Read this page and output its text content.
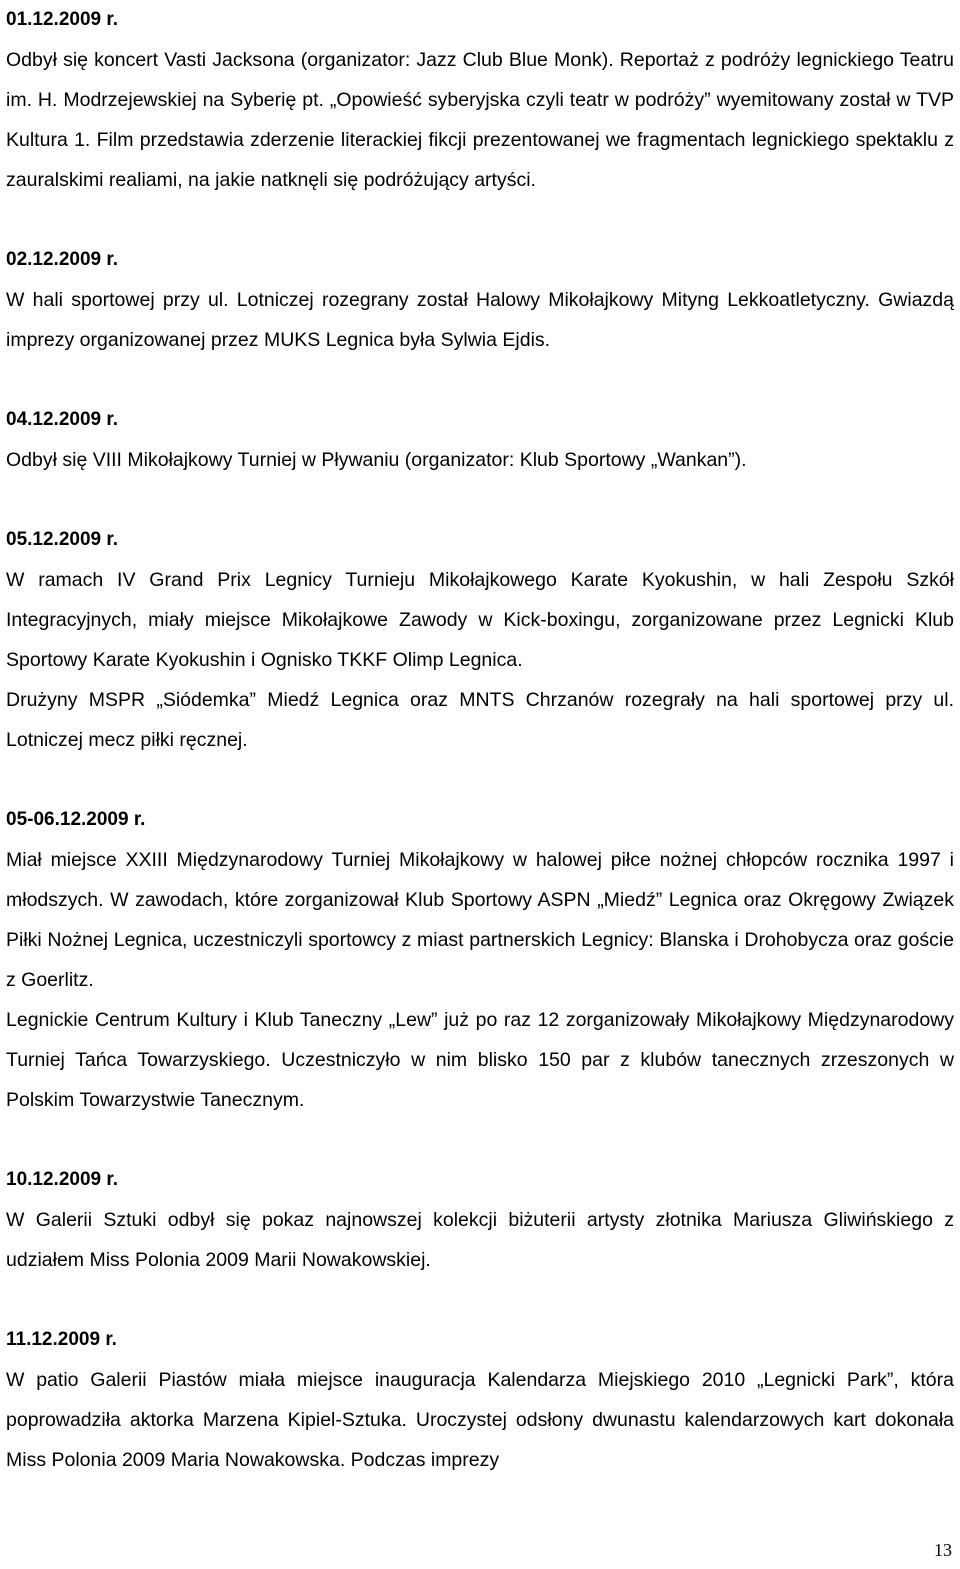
01.12.2009 r.

Odbył się koncert Vasti Jacksona (organizator: Jazz Club Blue Monk). Reportaż z podróży legnickiego Teatru im. H. Modrzejewskiej na Syberię pt. „Opowieść syberyjska czyli teatr w podróży” wyemitowany został w TVP Kultura 1. Film przedstawia zderzenie literackiej fikcji prezentowanej we fragmentach legnickiego spektaklu z zauralskimi realiami, na jakie natknęli się podróżujący artyści.

02.12.2009 r.

W hali sportowej przy ul. Lotniczej rozegrany został Halowy Mikołajkowy Mityng Lekkoatletyczny. Gwiazdą imprezy organizowanej przez MUKS Legnica była Sylwia Ejdis.

04.12.2009 r.

Odbył się VIII Mikołajkowy Turniej w Pływaniu (organizator: Klub Sportowy „Wankan”).

05.12.2009 r.

W ramach IV Grand Prix Legnicy Turnieju Mikołajkowego Karate Kyokushin, w hali Zespołu Szkół Integracyjnych, miały miejsce Mikołajkowe Zawody w Kick-boxingu, zorganizowane przez Legnicki Klub Sportowy Karate Kyokushin i Ognisko TKKF Olimp Legnica.

Drużyny MSPR „Siódemka” Miedź Legnica oraz MNTS Chrzanów rozegrały na hali sportowej przy ul. Lotniczej mecz piłki ręcznej.

05-06.12.2009 r.

Miał miejsce XXIII Międzynarodowy Turniej Mikołajkowy w halowej piłce nożnej chłopców rocznika 1997 i młodszych. W zawodach, które zorganizował Klub Sportowy ASPN „Miedź” Legnica oraz Okręgowy Związek Piłki Nożnej Legnica, uczestniczyli sportowcy z miast partnerskich Legnicy: Blanska i Drohobycza oraz goście z Goerlitz.

Legnickie Centrum Kultury i Klub Taneczny „Lew” już po raz 12 zorganizowały Mikołajkowy Międzynarodowy Turniej Tańca Towarzyskiego. Uczestniczyło w nim blisko 150 par z klubów tanecznych zrzeszonych w Polskim Towarzystwie Tanecznym.

10.12.2009 r.

W Galerii Sztuki odbył się pokaz najnowszej kolekcji biżuterii artysty złotnika Mariusza Gliwińskiego z udziałem Miss Polonia 2009 Marii Nowakowskiej.

11.12.2009 r.

W patio Galerii Piastów miała miejsce inauguracja Kalendarza Miejskiego 2010 „Legnicki Park”, która poprowadziła aktorka Marzena Kipiel-Sztuka. Uroczystej odsłony dwunastu kalendarzowych kart dokonała Miss Polonia 2009 Maria Nowakowska. Podczas imprezy

13
